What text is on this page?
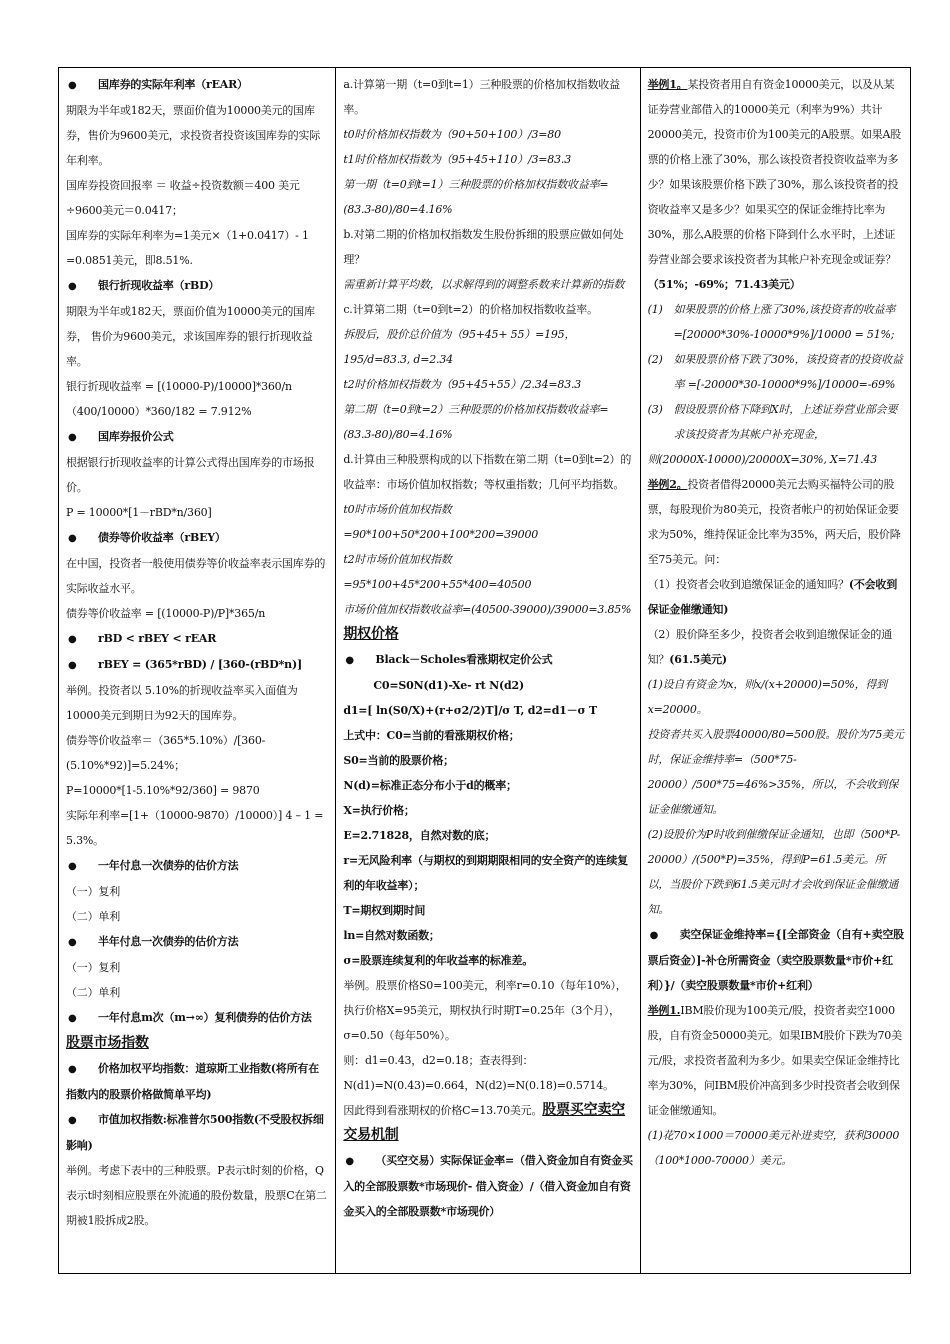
● 国库券的实际年利率（rEAR）

期限为半年或182天，票面价值为10000美元的国库券，售价为9600美元，求投资者投资该国库券的实际年利率。

国库券投资回报率 ＝ 收益÷投资数额＝400 美元÷9600美元＝0.0417；

国库券的实际年利率为=1美元×（1+0.0417）- 1 =0.0851美元，即8.51%.

● 银行折现收益率（rBD）

期限为半年或182天，票面价值为10000美元的国库券， 售价为9600美元，求该国库券的银行折现收益率。

银行折现收益率 = [(10000-P)/10000]*360/n（400/10000）*360/182 = 7.912%

● 国库券报价公式

根据银行折现收益率的计算公式得出国库券的市场报价。

P = 10000*[1－rBD*n/360]

● 债券等价收益率（rBEY）

在中国，投资者一般使用债券等价收益率表示国库券的实际收益水平。

债券等价收益率 = [(10000-P)/P]*365/n

● rBD < rBEY < rEAR

● rBEY = (365*rBD) / [360-(rBD*n)]

举例。投资者以 5.10%的折现收益率买入面值为10000美元到期日为92天的国库券。

债券等价收益率＝（365*5.10%）/[360-(5.10%*92)]=5.24%；

P=10000*[1-5.10%*92/360] = 9870

实际年利率=[1+（10000-9870）/10000）] 4 – 1 = 5.3%。

● 一年付息一次债券的估价方法

（一）复利

（二）单利

● 半年付息一次债券的估价方法

（一）复利

（二）单利

● 一年付息m次（m→∞）复利债券的估价方法

股票市场指数

● 价格加权平均指数：道琼斯工业指数(将所有在指数内的股票价格做简单平均)

● 市值加权指数:标准普尔500指数(不受股权拆细影响)

举例。考虑下表中的三种股票。P表示t时刻的价格，Q表示t时刻相应股票在外流通的股份数量，股票C在第二期被1股拆成2股。

a.计算第一期（t=0到t=1）三种股票的价格加权指数收益率。

t0时价格加权指数为（90+50+100）/3=80

t1时价格加权指数为（95+45+110）/3=83.3

第一期（t=0到t=1）三种股票的价格加权指数收益率=(83.3-80)/80=4.16%

b.对第二期的价格加权指数发生股份拆细的股票应做如何处理？

需重新计算平均数，以求解得到的调整系数来计算新的指数

c.计算第二期（t=0到t=2）的价格加权指数收益率。

拆股后，股价总价值为（95+45+ 55）=195，195/d=83.3, d=2.34

t2时价格加权指数为（95+45+55）/2.34=83.3

第二期（t=0到t=2）三种股票的价格加权指数收益率=(83.3-80)/80=4.16%

d.计算由三种股票构成的以下指数在第二期（t=0到t=2）的收益率：市场价值加权指数；等权重指数；几何平均指数。

t0时市场价值加权指数

=90*100+50*200+100*200=39000

t2时市场价值加权指数=95*100+45*200+55*400=40500

市场价值加权指数收益率=(40500-39000)/39000=3.85%

期权价格

● Black－Scholes看涨期权定价公式

C0=S0N(d1)-Xe- rt N(d2)

d1=[ ln(S0/X)+(r+σ2/2)T]/σ T, d2=d1－σ T

上式中：C0=当前的看涨期权价格；

S0=当前的股票价格；

N(d)=标准正态分布小于d的概率；

X=执行价格；

E=2.71828，自然对数的底；

r=无风险利率（与期权的到期期限相同的安全资产的连续复利的年收益率）；

T=期权到期时间

ln=自然对数函数；

σ=股票连续复利的年收益率的标准差。

举例。股票价格S0=100美元，利率r=0.10（每年10%），执行价格X=95美元，期权执行时期T=0.25年（3个月），σ=0.50（每年50%）。

则：d1=0.43，d2=0.18；查表得到：N(d1)=N(0.43)=0.664，N(d2)=N(0.18)=0.5714。

因此得到看涨期权的价格C=13.70美元。股票买空卖空交易机制

● （买空交易）实际保证金率=（借入资金加自有资金买入的全部股票数*市场现价- 借入资金）/（借入资金加自有资金买入的全部股票数*市场现价）

举例1。某投资者用自有资金10000美元，以及从某证券营业部借入的10000美元（利率为9%）共计20000美元，投资市价为100美元的A股票。如果A股票的价格上涨了30%，那么该投资者投资收益率为多少？如果该股票价格下跌了30%，那么该投资者的投资收益率又是多少？如果买空的保证金维持比率为30%，那么A股票的价格下降到什么水平时，上述证券营业部会要求该投资者为其帐户补充现金或证券？（51%；-69%；71.43美元）

(1)	如果股票的价格上涨了30%,该投资者的收益率=[20000*30%-10000*9%]/10000 = 51%;

(2)	如果股票价格下跌了30%，该投资者的投资收益率 =[-20000*30-10000*9%]/10000=-69%

(3)	假设股票价格下降到X时，上述证券营业部会要求该投资者为其帐户补充现金，

则(20000X-10000)/20000X=30%, X=71.43

举例2。投资者借得20000美元去购买福特公司的股票，每股现价为80美元，投资者帐户的初始保证金要求为50%，维持保证金比率为35%，两天后，股价降至75美元。问：

（1）投资者会收到追缴保证金的通知吗？(不会收到保证金催缴通知)

（2）股价降至多少，投资者会收到追缴保证金的通知？(61.5美元)

(1)设自有资金为x，则x/(x+20000)=50%，得到x=20000。

投资者共买入股票40000/80=500股。股价为75美元时，保证金维持率=（500*75-20000）/500*75=46%>35%，所以，不会收到保证金催缴通知。

(2)设股价为P时收到催缴保证金通知，也即（500*P-20000）/(500*P)=35%，得到P=61.5美元。所以，当股价下跌到61.5美元时才会收到保证金催缴通知。

● 卖空保证金维持率={[全部资金（自有+卖空股票后资金）]-补仓所需资金（卖空股票数量*市价+红利）}/（卖空股票数量*市价+红利）

举例1.IBM股价现为100美元/股，投资者卖空1000股，自有资金50000美元。如果IBM股价下跌为70美元/股，求投资者盈利为多少。如果卖空保证金维持比率为30%，问IBM股价冲高到多少时投资者会收到保证金催缴通知。

(1)花70×1000＝70000美元补进卖空，获利30000（100*1000-70000）美元。
